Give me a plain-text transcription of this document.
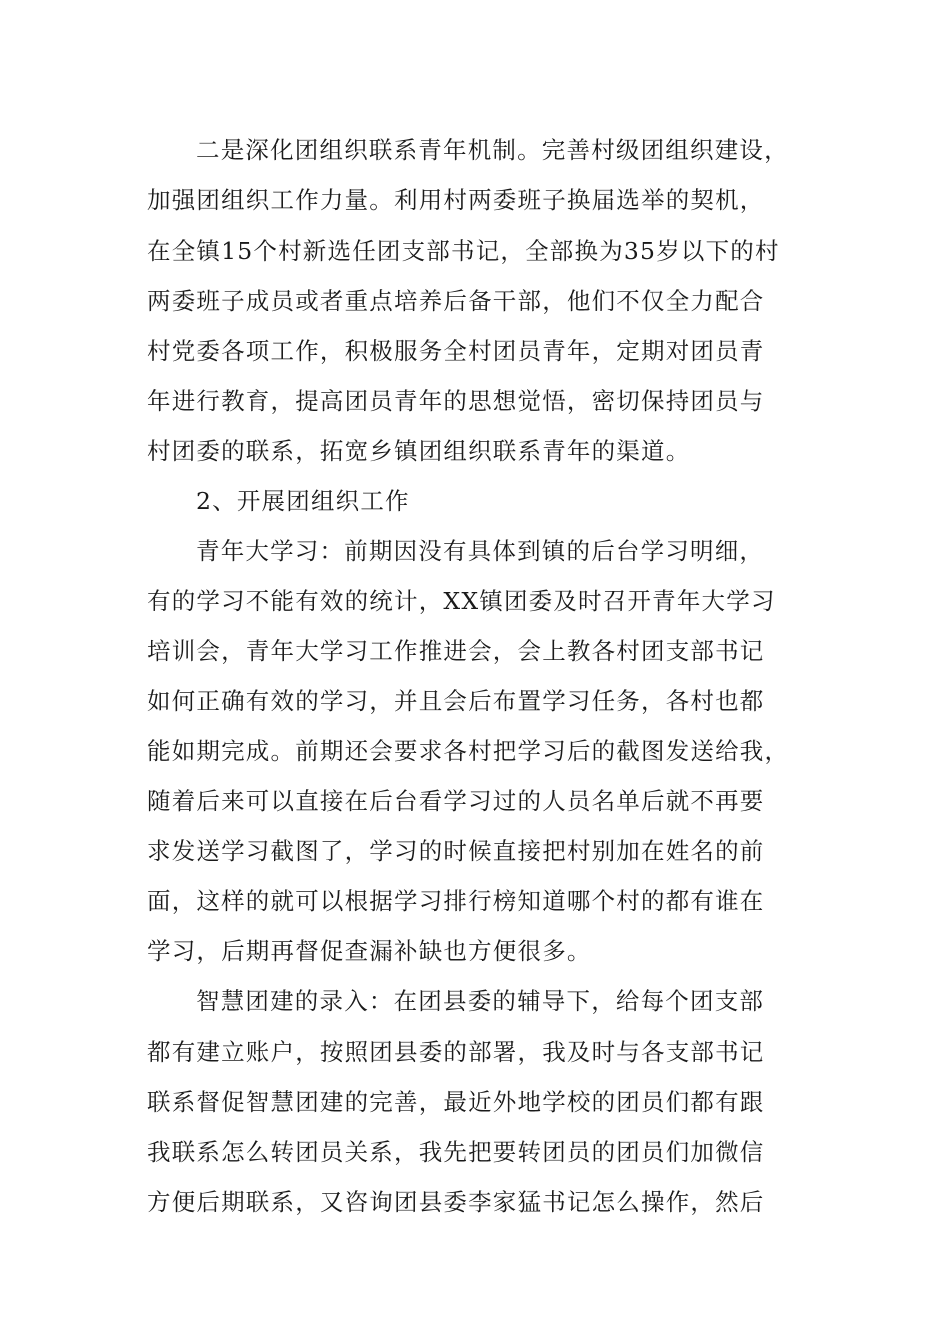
二是深化团组织联系青年机制。完善村级团组织建设，
加强团组织工作力量。利用村两委班子换届选举的契机，
在全镇15个村新选任团支部书记，全部换为35岁以下的村
两委班子成员或者重点培养后备干部，他们不仅全力配合
村党委各项工作，积极服务全村团员青年，定期对团员青
年进行教育，提高团员青年的思想觉悟，密切保持团员与
村团委的联系，拓宽乡镇团组织联系青年的渠道。
2、开展团组织工作
青年大学习：前期因没有具体到镇的后台学习明细，
有的学习不能有效的统计，XX镇团委及时召开青年大学习
培训会，青年大学习工作推进会，会上教各村团支部书记
如何正确有效的学习，并且会后布置学习任务，各村也都
能如期完成。前期还会要求各村把学习后的截图发送给我，
随着后来可以直接在后台看学习过的人员名单后就不再要
求发送学习截图了，学习的时候直接把村别加在姓名的前
面，这样的就可以根据学习排行榜知道哪个村的都有谁在
学习，后期再督促查漏补缺也方便很多。
智慧团建的录入：在团县委的辅导下，给每个团支部
都有建立账户，按照团县委的部署，我及时与各支部书记
联系督促智慧团建的完善，最近外地学校的团员们都有跟
我联系怎么转团员关系，我先把要转团员的团员们加微信
方便后期联系，又咨询团县委李家猛书记怎么操作，然后
